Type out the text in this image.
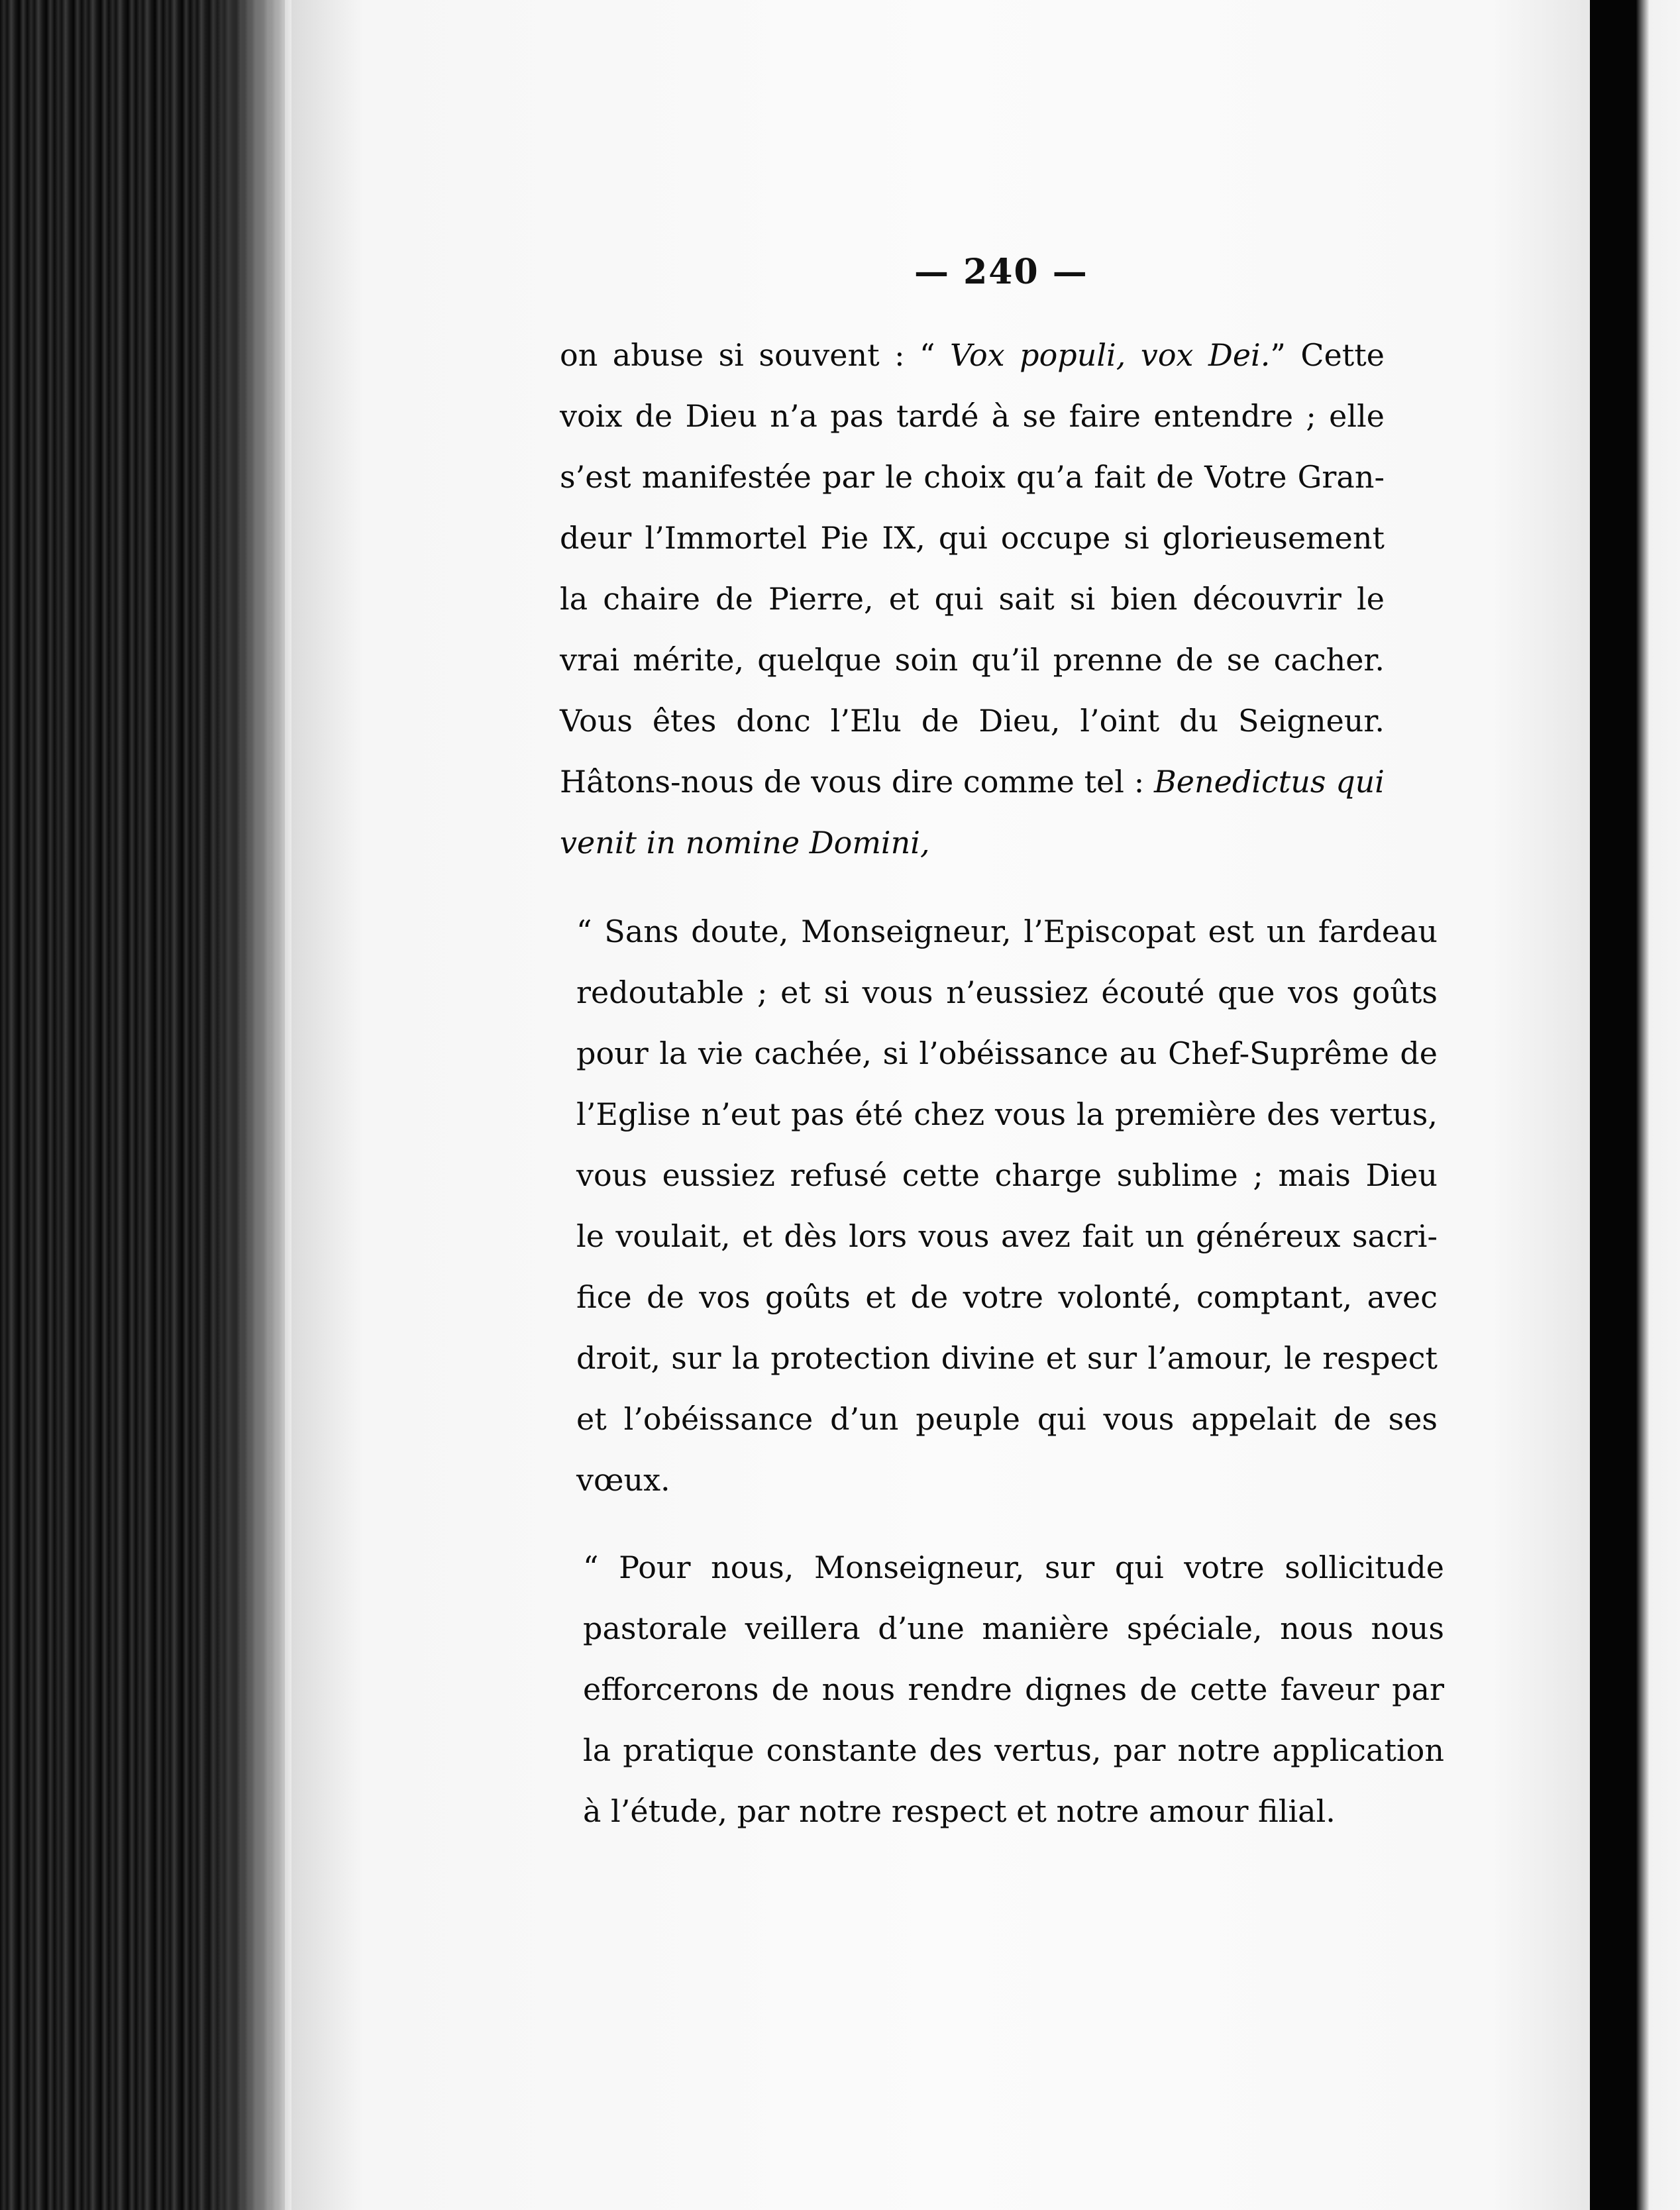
— 240 —
on abuse si souvent : “ Vox populi, vox Dei.” Cette
voix de Dieu n’a pas tardé à se faire entendre ; elle
s’est manifestée par le choix qu’a fait de Votre Gran-
deur l’Immortel Pie IX, qui occupe si glorieusement
la chaire de Pierre, et qui sait si bien découvrir le
vrai mérite, quelque soin qu’il prenne de se cacher.
Vous êtes donc l’Elu de Dieu, l’oint du Seigneur.
Hâtons-nous de vous dire comme tel : Benedictus qui
venit in nomine Domini,
“ Sans doute, Monseigneur, l’Episcopat est un fardeau
redoutable ; et si vous n’eussiez écouté que vos goûts
pour la vie cachée, si l’obéissance au Chef-Suprême de
l’Eglise n’eut pas été chez vous la première des vertus,
vous eussiez refusé cette charge sublime ; mais Dieu
le voulait, et dès lors vous avez fait un généreux sacri-
fice de vos goûts et de votre volonté, comptant, avec
droit, sur la protection divine et sur l’amour, le respect
et l’obéissance d’un peuple qui vous appelait de ses
vœux.
“ Pour nous, Monseigneur, sur qui votre sollicitude
pastorale veillera d’une manière spéciale, nous nous
efforcerons de nous rendre dignes de cette faveur par
la pratique constante des vertus, par notre application
à l’étude, par notre respect et notre amour filial.
